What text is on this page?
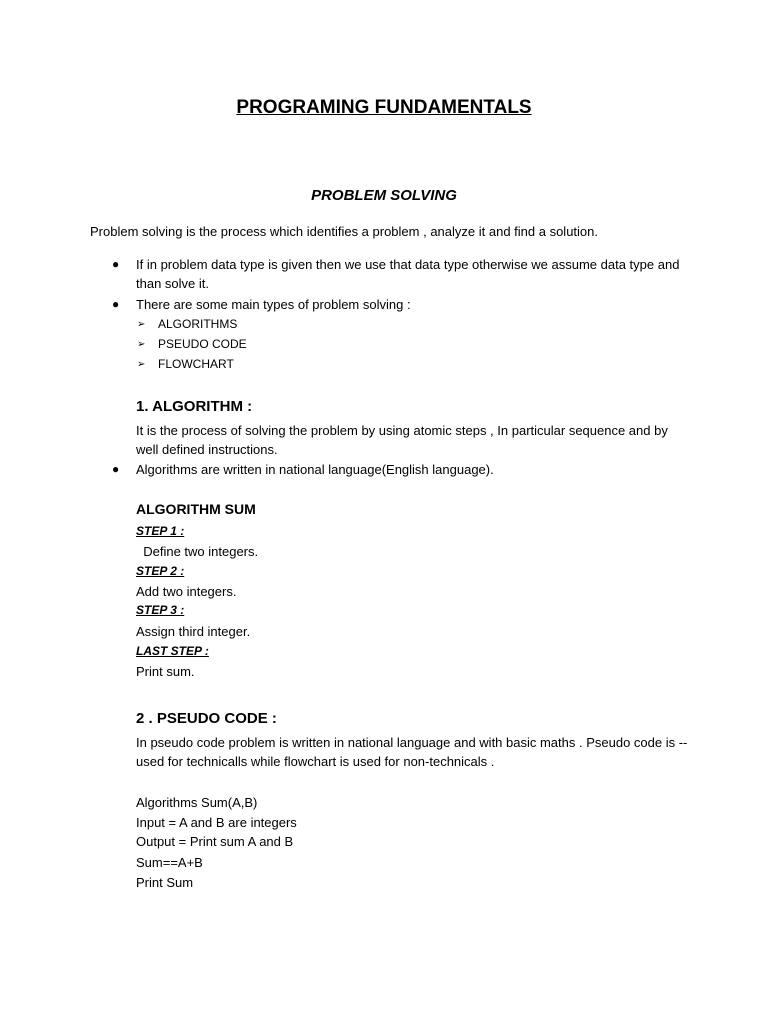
PROGRAMING FUNDAMENTALS
PROBLEM SOLVING
Problem solving is the process which identifies a problem , analyze it and find a solution.
● If in problem data type is given then we use that data type otherwise we assume data type and
than solve it.
● There are some main types of problem solving :
➢ ALGORITHMS
➢ PSEUDO CODE
➢ FLOWCHART
1. ALGORITHM :
It is the process of solving the problem by using atomic steps , In particular sequence and by
well defined instructions.
● Algorithms are written in national language(English language).
ALGORITHM SUM
STEP 1 :
Define two integers.
STEP 2 :
Add two integers.
STEP 3 :
Assign third integer.
LAST STEP :
Print sum.
2 . PSEUDO CODE :
In pseudo code problem is written in national language and with basic maths . Pseudo code is --
used for technicalls while flowchart is used for non-technicals .
Algorithms Sum(A,B)
Input = A and B are integers
Output = Print sum A and B
Sum==A+B
Print Sum
